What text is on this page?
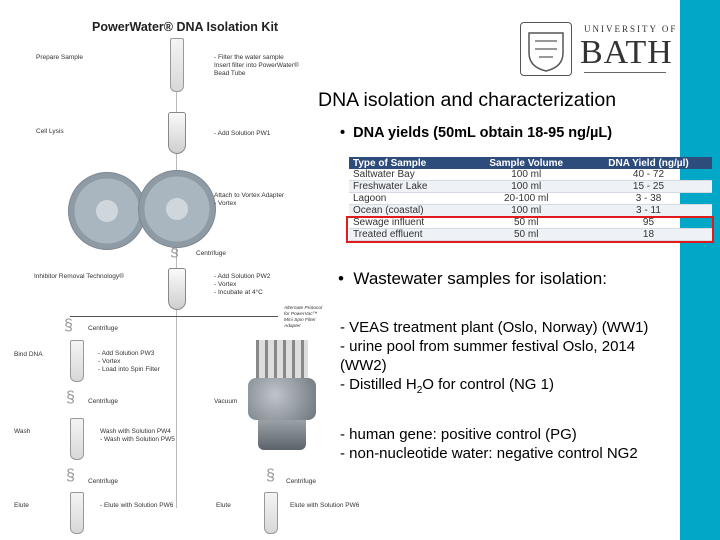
PowerWater® DNA Isolation Kit
Prepare Sample	- Filter the water sample
Insert filter into PowerWater®
Bead Tube
Cell Lysis	- Add Solution PW1
Attach to Vortex Adapter
- Vortex
Centrifuge
§
Inhibitor Removal Technology®	- Add Solution PW2
- Vortex
- Incubate at 4°C
§ Centrifuge
Alternate Protocol
for PowerVac™
Mini Spin Filter
Adapter
Bind DNA	- Add Solution PW3
- Vortex
- Load into Spin Filter
§ Centrifuge	Vacuum
Wash	Wash with Solution PW4
- Wash with Solution PW5
§ Centrifuge	§ Centrifuge
Elute	- Elute with Solution PW6	Elute	Elute with Solution PW6
UNIVERSITY OF
BATH
DNA isolation and characterization
•  DNA yields (50mL obtain 18-95 ng/µL)
Type of Sample	Sample Volume	DNA Yield (ng/µl)
Saltwater Bay	100 ml	40 - 72
Freshwater Lake	100 ml	15 - 25
Lagoon	20-100 ml	3 - 38
Ocean (coastal)	100 ml	3 - 11
Sewage influent	50 ml	95
Treated effluent	50 ml	18
•  Wastewater samples for isolation:
- VEAS treatment plant (Oslo, Norway) (WW1)
- urine pool from summer festival Oslo, 2014
(WW2)
- Distilled $H_2O$ for control (NG 1)
- human gene: positive control (PG)
- non-nucleotide water: negative control NG2
